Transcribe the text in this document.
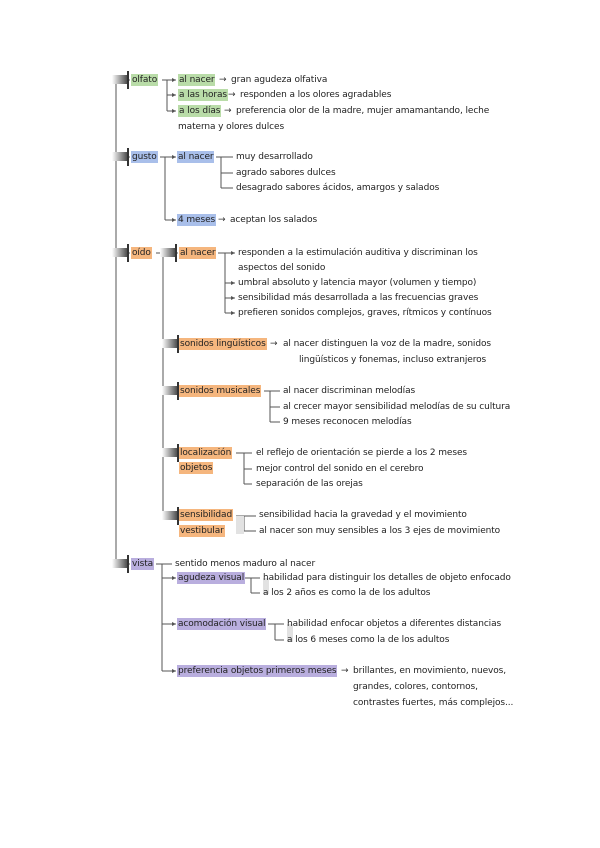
olfato al nacer → gran agudeza olfativa
a las horas → responden a los olores agradables
a los días → preferencia olor de la madre, mujer amamantando, leche
materna y olores dulces
gusto al nacer	muy desarrollado
agrado sabores dulces
desagrado sabores ácidos, amargos y salados
4 meses → aceptan los salados
oído	al nacer	responden a la estimulación auditiva y discriminan los
aspectos del sonido
umbral absoluto y latencia mayor (volumen y tiempo)
sensibilidad más desarrollada a las frecuencias graves
prefieren sonidos complejos, graves, rítmicos y contínuos
sonidos lingüísticos → al nacer distinguen la voz de la madre, sonidos
lingüísticos y fonemas, incluso extranjeros
sonidos musicales	al nacer discriminan melodías
al crecer mayor sensibilidad melodías de su cultura
9 meses reconocen melodías
localización
objetos
el reflejo de orientación se pierde a los 2 meses
mejor control del sonido en el cerebro
separación de las orejas
sensibilidad
vestibular
sensibilidad hacia la gravedad y el movimiento
al nacer son muy sensibles a los 3 ejes de movimiento
vista sentido menos maduro al nacer
agudeza visual habilidad para distinguir los detalles de objeto enfocado
a los 2 años es como la de los adultos
acomodación visual habilidad enfocar objetos a diferentes distancias
a los 6 meses como la de los adultos
preferencia objetos primeros meses → brillantes, en movimiento, nuevos,
grandes, colores, contornos,
contrastes fuertes, más complejos...
